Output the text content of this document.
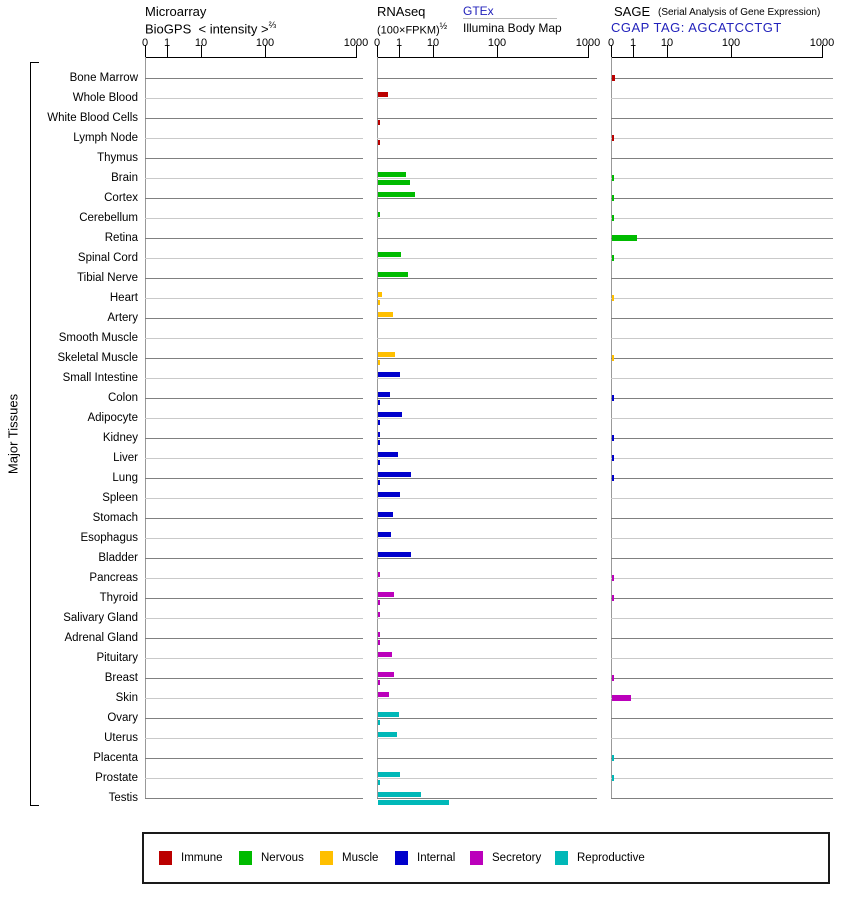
Microarray
BioGPS < intensity >$^{\frac{2}{3}}$
RNAseq
(100×FPKM)$^{\frac{1}{2}}$
GTEx
Illumina Body Map
SAGE (Serial Analysis of Gene Expression)
CGAP TAG: AGCATCCTGT
Major Tissues
0 1 10	100	1000 0 1 10	100	1000 0 1 10	100	1000
Bone Marrow
Whole Blood
White Blood Cells
Lymph Node
Thymus
Brain
Cortex
Cerebellum
Retina
Spinal Cord
Tibial Nerve
Heart
Artery
Smooth Muscle
Skeletal Muscle
Small Intestine
Colon
Adipocyte
Kidney
Liver
Lung
Spleen
Stomach
Esophagus
Bladder
Pancreas
Thyroid
Salivary Gland
Adrenal Gland
Pituitary
Breast
Skin
Ovary
Uterus
Placenta
Prostate
Testis
Immune	Nervous	Muscle	Internal	Secretory	Reproductive
